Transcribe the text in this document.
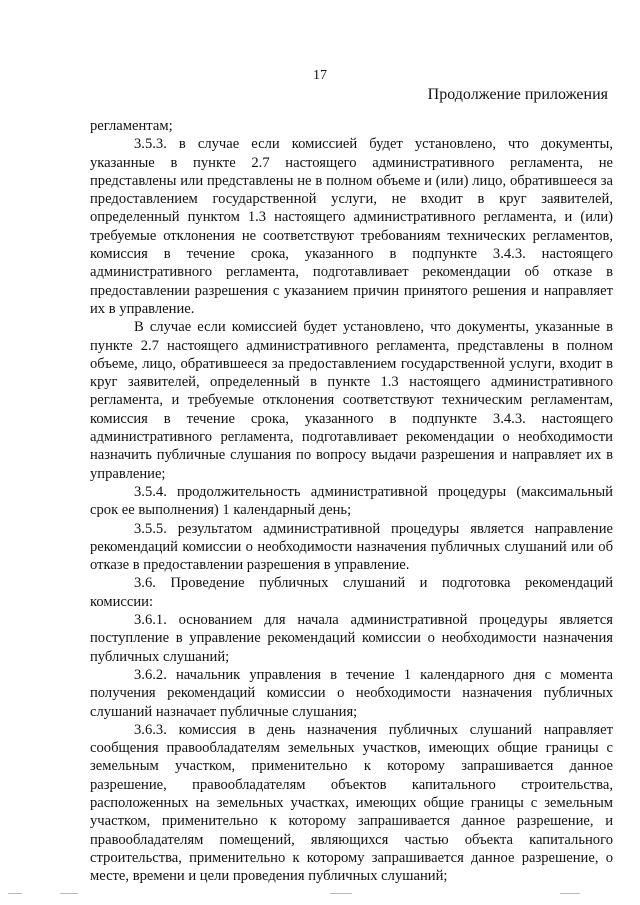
17
Продолжение приложения

регламентам;

3.5.3. в случае если комиссией будет установлено, что документы, указанные в пункте 2.7 настоящего административного регламента, не представлены или представлены не в полном объеме и (или) лицо, обратившееся за предоставлением государственной услуги, не входит в круг заявителей, определенный пунктом 1.3 настоящего административного регламента, и (или) требуемые отклонения не соответствуют требованиям технических регламентов, комиссия в течение срока, указанного в подпункте 3.4.3. настоящего административного регламента, подготавливает рекомендации об отказе в предоставлении разрешения с указанием причин принятого решения и направляет их в управление.

В случае если комиссией будет установлено, что документы, указанные в пункте 2.7 настоящего административного регламента, представлены в полном объеме, лицо, обратившееся за предоставлением государственной услуги, входит в круг заявителей, определенный в пункте 1.3 настоящего административного регламента, и требуемые отклонения соответствуют техническим регламентам, комиссия в течение срока, указанного в подпункте 3.4.3. настоящего административного регламента, подготавливает рекомендации о необходимости назначить публичные слушания по вопросу выдачи разрешения и направляет их в управление;

3.5.4. продолжительность административной процедуры (максимальный срок ее выполнения) 1 календарный день;

3.5.5. результатом административной процедуры является направление рекомендаций комиссии о необходимости назначения публичных слушаний или об отказе в предоставлении разрешения в управление.

3.6. Проведение публичных слушаний и подготовка рекомендаций комиссии:

3.6.1. основанием для начала административной процедуры является поступление в управление рекомендаций комиссии о необходимости назначения публичных слушаний;

3.6.2. начальник управления в течение 1 календарного дня с момента получения рекомендаций комиссии о необходимости назначения публичных слушаний назначает публичные слушания;

3.6.3. комиссия в день назначения публичных слушаний направляет сообщения правообладателям земельных участков, имеющих общие границы с земельным участком, применительно к которому запрашивается данное разрешение, правообладателям объектов капитального строительства, расположенных на земельных участках, имеющих общие границы с земельным участком, применительно к которому запрашивается данное разрешение, и правообладателям помещений, являющихся частью объекта капитального строительства, применительно к которому запрашивается данное разрешение, о месте, времени и цели проведения публичных слушаний;
